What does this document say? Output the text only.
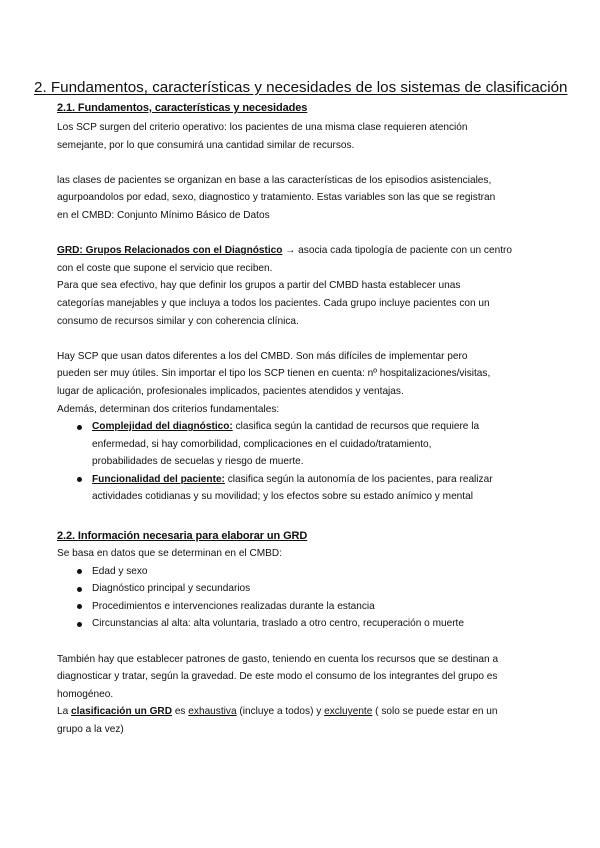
2. Fundamentos, características y necesidades de los sistemas de clasificación
2.1. Fundamentos, características y necesidades

Los SCP surgen del criterio operativo: los pacientes de una misma clase requieren atención
semejante, por lo que consumirá una cantidad similar de recursos.

las clases de pacientes se organizan en base a las características de los episodios asistenciales,
agurpoandolos por edad, sexo, diagnostico y tratamiento. Estas variables son las que se registran
en el CMBD: Conjunto Mínimo Básico de Datos

GRD: Grupos Relacionados con el Diagnóstico → asocia cada tipología de paciente con un centro
con el coste que supone el servicio que reciben.
Para que sea efectivo, hay que definir los grupos a partir del CMBD hasta establecer unas
categorías manejables y que incluya a todos los pacientes. Cada grupo incluye pacientes con un
consumo de recursos similar y con coherencia clínica.

Hay SCP que usan datos diferentes a los del CMBD. Son más difíciles de implementar pero
pueden ser muy útiles. Sin importar el tipo los SCP tienen en cuenta: nº hospitalizaciones/visitas,
lugar de aplicación, profesionales implicados, pacientes atendidos y ventajas.
Además, determinan dos criterios fundamentales:

Complejidad del diagnóstico: clasifica según la cantidad de recursos que requiere la
enfermedad, si hay comorbilidad, complicaciones en el cuidado/tratamiento,
probabilidades de secuelas y riesgo de muerte.
Funcionalidad del paciente: clasifica según la autonomía de los pacientes, para realizar
actividades cotidianas y su movilidad; y los efectos sobre su estado anímico y mental
2.2. Información necesaria para elaborar un GRD

Se basa en datos que se determinan en el CMBD:

Edad y sexo
Diagnóstico principal y secundarios
Procedimientos e intervenciones realizadas durante la estancia
Circunstancias al alta: alta voluntaria, traslado a otro centro, recuperación o muerte

También hay que establecer patrones de gasto, teniendo en cuenta los recursos que se destinan a
diagnosticar y tratar, según la gravedad. De este modo el consumo de los integrantes del grupo es
homogéneo.

La clasificación un GRD es exhaustiva (incluye a todos) y excluyente ( solo se puede estar en un
grupo a la vez)
